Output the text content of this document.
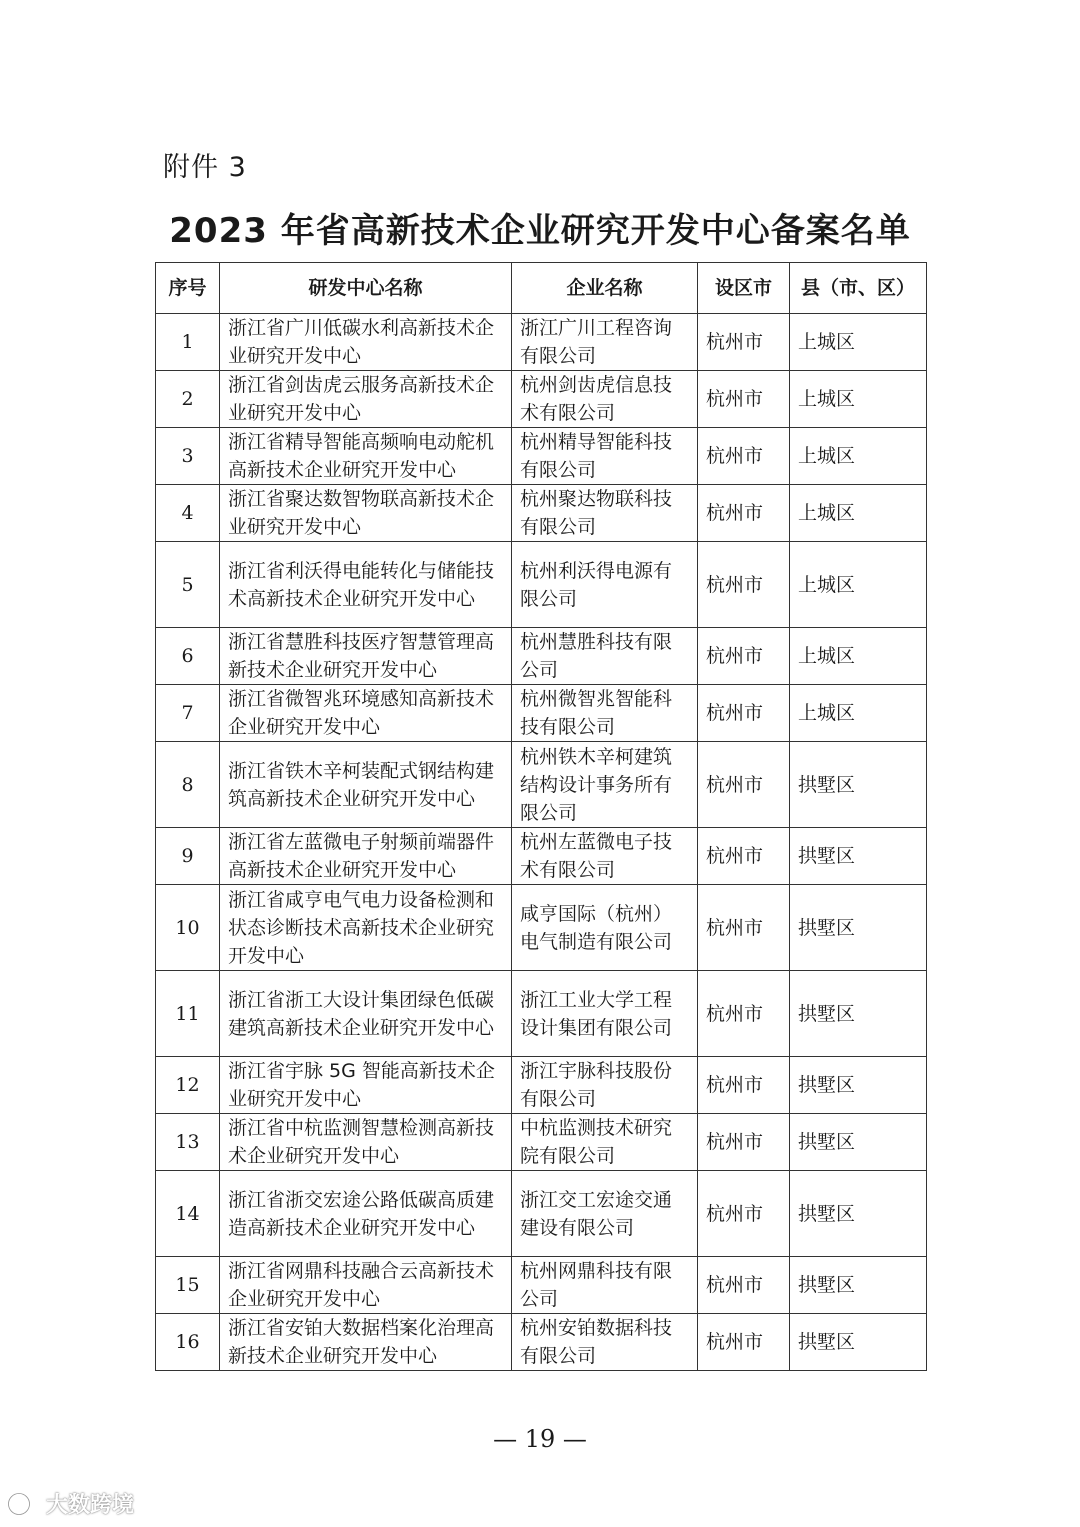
附件 3
2023 年省高新技术企业研究开发中心备案名单
序号	研发中心名称	企业名称	设区市	县（市、区）
1	浙江省广川低碳水利高新技术企业研究开发中心	浙江广川工程咨询有限公司	杭州市	上城区
2	浙江省剑齿虎云服务高新技术企业研究开发中心	杭州剑齿虎信息技术有限公司	杭州市	上城区
3	浙江省精导智能高频响电动舵机高新技术企业研究开发中心	杭州精导智能科技有限公司	杭州市	上城区
4	浙江省聚达数智物联高新技术企业研究开发中心	杭州聚达物联科技有限公司	杭州市	上城区
5	浙江省利沃得电能转化与储能技术高新技术企业研究开发中心	杭州利沃得电源有限公司	杭州市	上城区
6	浙江省慧胜科技医疗智慧管理高新技术企业研究开发中心	杭州慧胜科技有限公司	杭州市	上城区
7	浙江省微智兆环境感知高新技术企业研究开发中心	杭州微智兆智能科技有限公司	杭州市	上城区
8	浙江省铁木辛柯装配式钢结构建筑高新技术企业研究开发中心	杭州铁木辛柯建筑结构设计事务所有限公司	杭州市	拱墅区
9	浙江省左蓝微电子射频前端器件高新技术企业研究开发中心	杭州左蓝微电子技术有限公司	杭州市	拱墅区
10	浙江省咸亨电气电力设备检测和状态诊断技术高新技术企业研究开发中心	咸亨国际（杭州）电气制造有限公司	杭州市	拱墅区
11	浙江省浙工大设计集团绿色低碳建筑高新技术企业研究开发中心	浙江工业大学工程设计集团有限公司	杭州市	拱墅区
12	浙江省宇脉 5G 智能高新技术企业研究开发中心	浙江宇脉科技股份有限公司	杭州市	拱墅区
13	浙江省中杭监测智慧检测高新技术企业研究开发中心	中杭监测技术研究院有限公司	杭州市	拱墅区
14	浙江省浙交宏途公路低碳高质建造高新技术企业研究开发中心	浙江交工宏途交通建设有限公司	杭州市	拱墅区
15	浙江省网鼎科技融合云高新技术企业研究开发中心	杭州网鼎科技有限公司	杭州市	拱墅区
16	浙江省安铂大数据档案化治理高新技术企业研究开发中心	杭州安铂数据科技有限公司	杭州市	拱墅区
— 19 —
大数跨境
